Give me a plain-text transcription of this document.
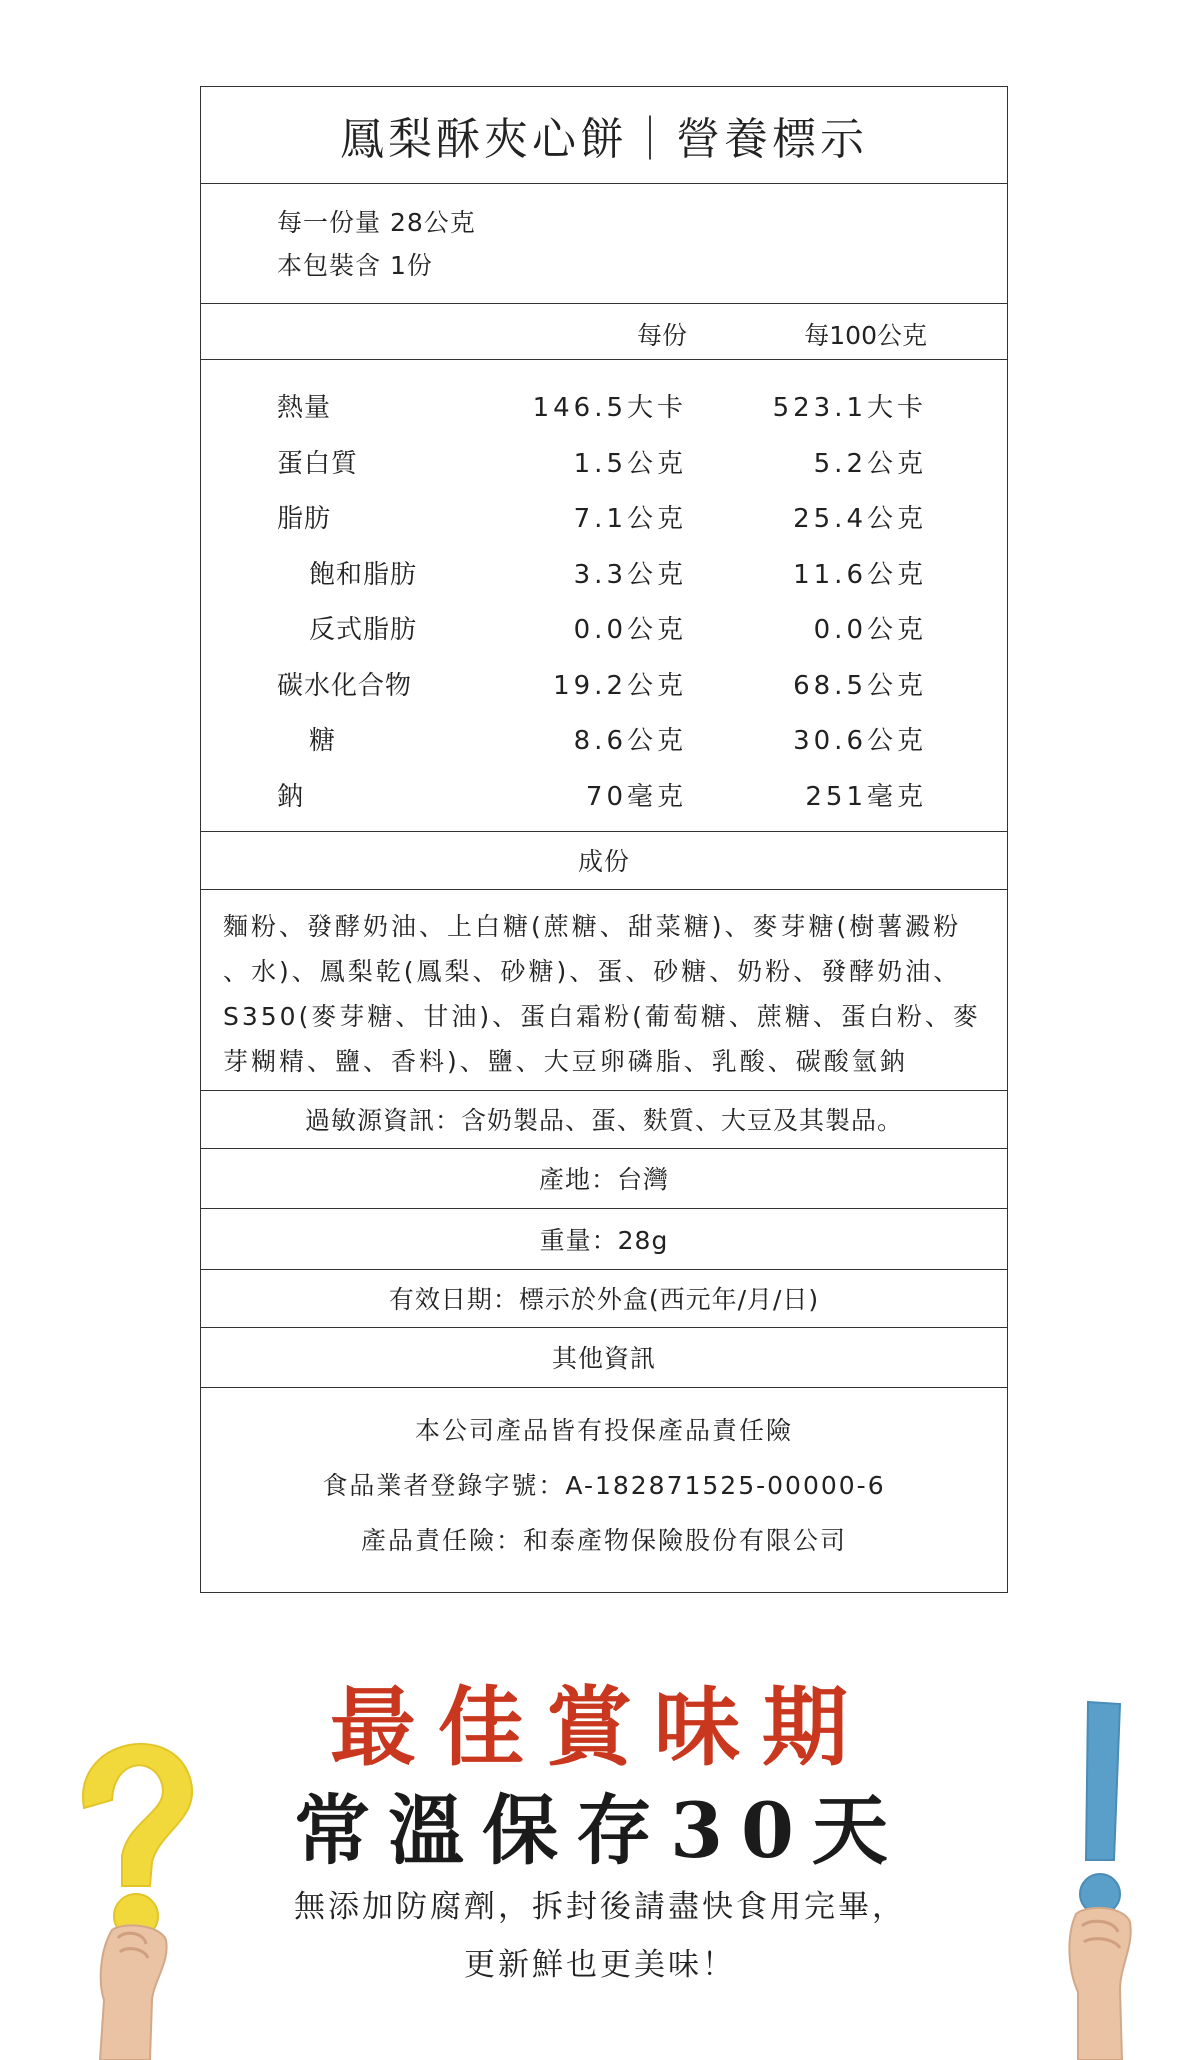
鳳梨酥夾心餅｜營養標示
每一份量 28公克
本包裝含 1份
每份	每100公克
熱量	146.5大卡	523.1大卡
蛋白質	1.5公克	5.2公克
脂肪	7.1公克	25.4公克
飽和脂肪	3.3公克	11.6公克
反式脂肪	0.0公克	0.0公克
碳水化合物	19.2公克	68.5公克
糖	8.6公克	30.6公克
鈉	70毫克	251毫克
成份
麵粉、發酵奶油、上白糖(蔗糖、甜菜糖)、麥芽糖(樹薯澱粉
、水)、鳳梨乾(鳳梨、砂糖)、蛋、砂糖、奶粉、發酵奶油、
S350(麥芽糖、甘油)、蛋白霜粉(葡萄糖、蔗糖、蛋白粉、麥
芽糊精、鹽、香料)、鹽、大豆卵磷脂、乳酸、碳酸氫鈉
過敏源資訊：含奶製品、蛋、麩質、大豆及其製品。
產地：台灣
重量：28g
有效日期：標示於外盒(西元年/月/日)
其他資訊
本公司產品皆有投保產品責任險
食品業者登錄字號：A-182871525-00000-6
產品責任險：和泰產物保險股份有限公司
最佳賞味期
常溫保存30天
無添加防腐劑，拆封後請盡快食用完畢，
更新鮮也更美味！
